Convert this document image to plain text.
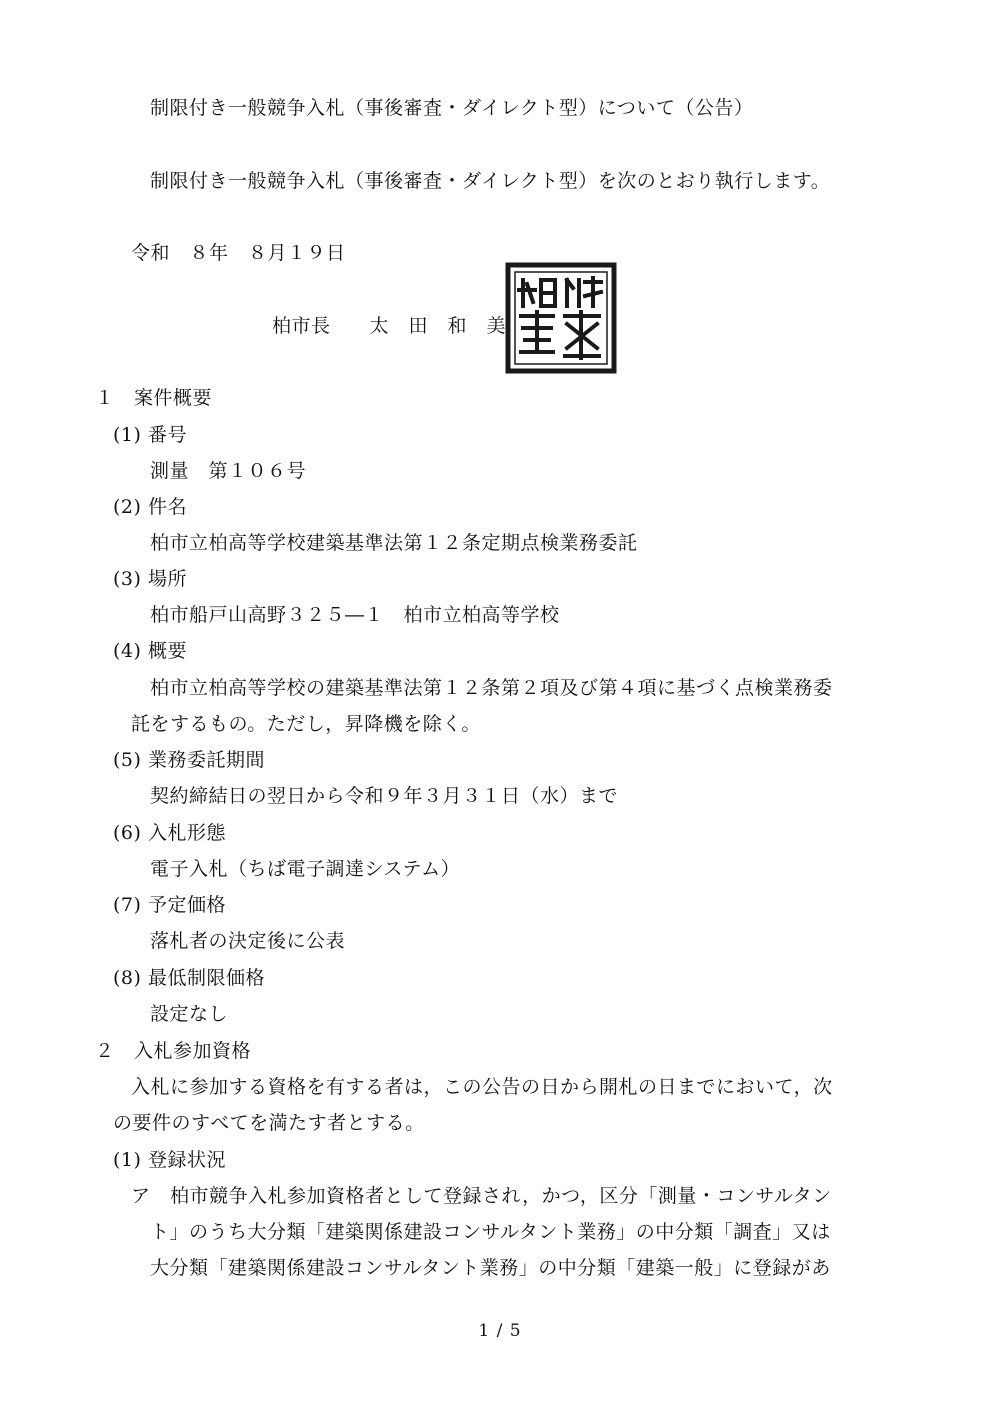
制限付き一般競争入札（事後審査・ダイレクト型）について（公告）
制限付き一般競争入札（事後審査・ダイレクト型）を次のとおり執行します。
令和　８年　８月１９日
柏市長　　太　田　和　美
１　案件概要
(1) 番号
測量　第１０６号
(2) 件名
柏市立柏高等学校建築基準法第１２条定期点検業務委託
(3) 場所
柏市船戸山高野３２５―１　柏市立柏高等学校
(4) 概要
柏市立柏高等学校の建築基準法第１２条第２項及び第４項に基づく点検業務委
託をするもの。ただし，昇降機を除く。
(5) 業務委託期間
契約締結日の翌日から令和９年３月３１日（水）まで
(6) 入札形態
電子入札（ちば電子調達システム）
(7) 予定価格
落札者の決定後に公表
(8) 最低制限価格
設定なし
２　入札参加資格
入札に参加する資格を有する者は，この公告の日から開札の日までにおいて，次
の要件のすべてを満たす者とする。
(1) 登録状況
ア　柏市競争入札参加資格者として登録され，かつ，区分「測量・コンサルタン
ト」のうち大分類「建築関係建設コンサルタント業務」の中分類「調査」又は
大分類「建築関係建設コンサルタント業務」の中分類「建築一般」に登録があ
1 / 5
